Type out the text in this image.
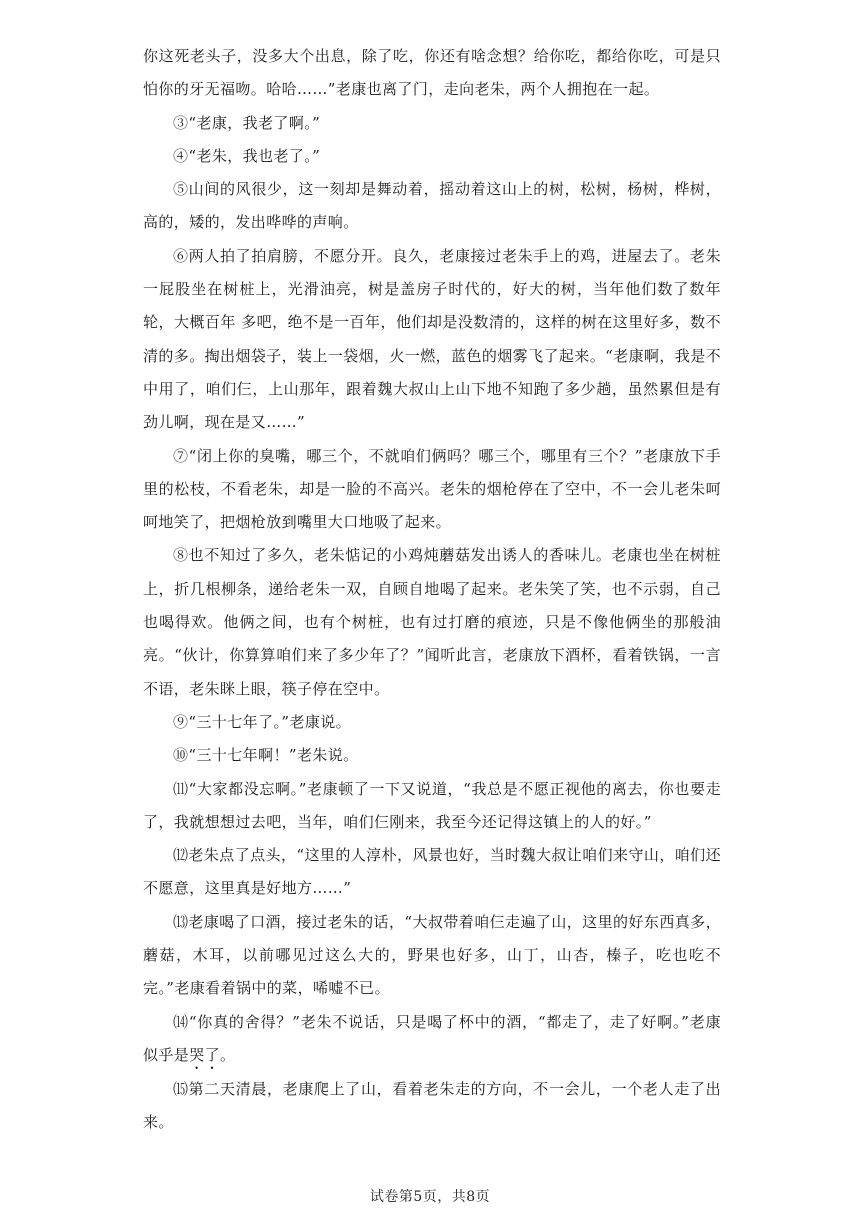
你这死老头子，没多大个出息，除了吃，你还有啥念想？给你吃，都给你吃，可是只怕你的牙无福吻。哈哈……”老康也离了门，走向老朱，两个人拥抱在一起。

③“老康，我老了啊。”

④“老朱，我也老了。”

⑤山间的风很少，这一刻却是舞动着，摇动着这山上的树，松树，杨树，桦树，高的，矮的，发出哗哗的声响。

⑥两人拍了拍肩膀，不愿分开。良久，老康接过老朱手上的鸡，进屋去了。老朱一屁股坐在树桩上，光滑油亮，树是盖房子时代的，好大的树，当年他们数了数年轮，大概百年 多吧，绝不是一百年，他们却是没数清的，这样的树在这里好多，数不清的多。掏出烟袋子，装上一袋烟，火一燃，蓝色的烟雾飞了起来。“老康啊，我是不中用了，咱们仨，上山那年，跟着魏大叔山上山下地不知跑了多少趟，虽然累但是有劲儿啊，现在是又……”

⑦“闭上你的臭嘴，哪三个，不就咱们俩吗？哪三个，哪里有三个？”老康放下手里的松枝，不看老朱，却是一脸的不高兴。老朱的烟枪停在了空中，不一会儿老朱呵呵地笑了，把烟枪放到嘴里大口地吸了起来。

⑧也不知过了多久，老朱惦记的小鸡炖蘑菇发出诱人的香味儿。老康也坐在树桩上，折几根柳条，递给老朱一双，自顾自地喝了起来。老朱笑了笑，也不示弱，自己也喝得欢。他俩之间，也有个树桩，也有过打磨的痕迹，只是不像他俩坐的那般油亮。“伙计，你算算咱们来了多少年了？”闻听此言，老康放下酒杯，看着铁锅，一言不语，老朱眯上眼，筷子停在空中。

⑨“三十七年了。”老康说。

⑩“三十七年啊！”老朱说。

⑾“大家都没忘啊。”老康顿了一下又说道，“我总是不愿正视他的离去，你也要走了，我就想想过去吧，当年，咱们仨刚来，我至今还记得这镇上的人的好。”

⑿老朱点了点头，“这里的人淳朴，风景也好，当时魏大叔让咱们来守山，咱们还不愿意，这里真是好地方……”

⒀老康喝了口酒，接过老朱的话，“大叔带着咱仨走遍了山，这里的好东西真多，蘑菇，木耳，以前哪见过这么大的，野果也好多，山丁，山杏，榛子，吃也吃不完。”老康看着锅中的菜，唏嘘不已。

⒁“你真的舍得？”老朱不说话，只是喝了杯中的酒，“都走了，走了好啊。”老康似乎是哭了。

⒂第二天清晨，老康爬上了山，看着老朱走的方向，不一会儿，一个老人走了出来。

试卷第5页，共8页
